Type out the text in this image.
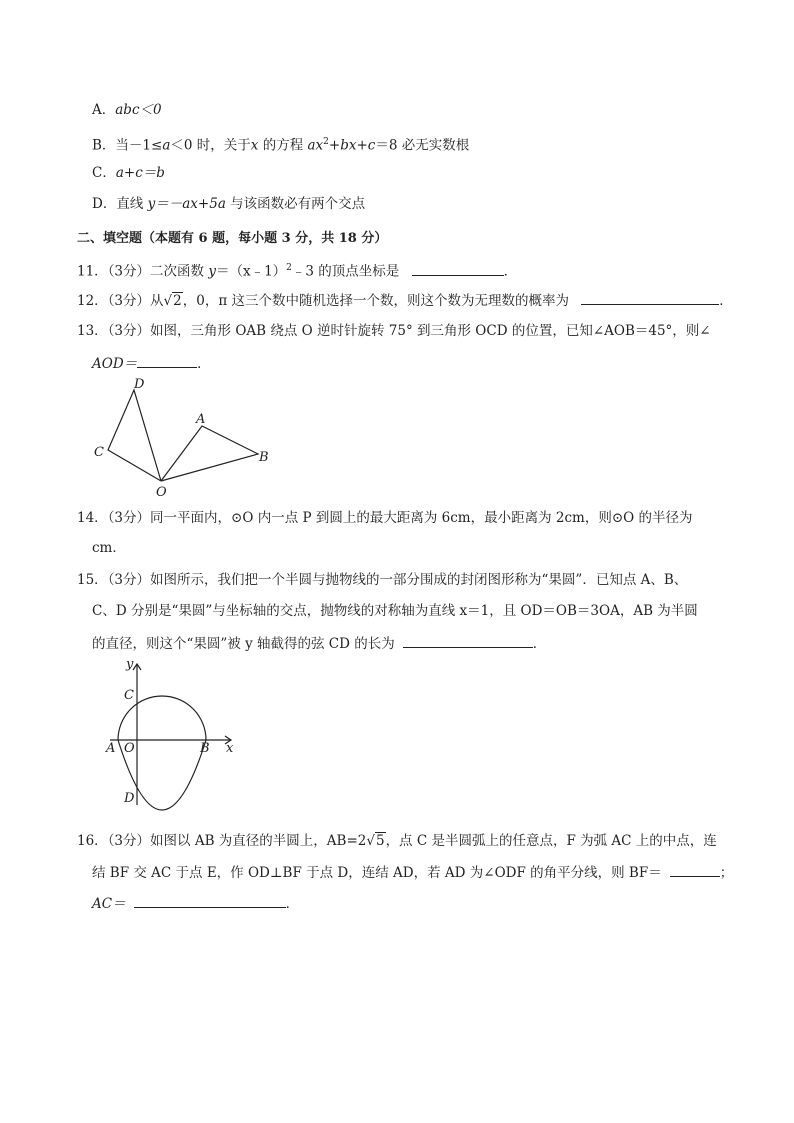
A．abc＜0
B．当－1≤a＜0 时，关于x 的方程 $ax^2+bx+c=8$ 必无实数根
C．a+c＝b
D．直线 y＝－ax+5a 与该函数必有两个交点
二、填空题（本题有 6 题，每小题 3 分，共 18 分）
11．（3分）二次函数 y＝（x﹣1）$^2$﹣3 的顶点坐标是	．
12．（3分）从√2，0，π 这三个数中随机选择一个数，则这个数为无理数的概率为	．
13．（3分）如图，三角形 OAB 绕点 O 逆时针旋转 75° 到三角形 OCD 的位置，已知∠AOB＝45°，则∠
AOD＝	．
D
C
A
B
O
14．（3分）同一平面内，⊙O 内一点 P 到圆上的最大距离为 6cm，最小距离为 2cm，则⊙O 的半径为
cm．
15．（3分）如图所示，我们把一个半圆与抛物线的一部分围成的封闭图形称为“果圆”．已知点 A、B、
C、D 分别是“果圆”与坐标轴的交点，抛物线的对称轴为直线 x＝1，且 OD＝OB＝3OA，AB 为半圆
的直径，则这个“果圆”被 y 轴截得的弦 CD 的长为	．
y
x
C
A O	B
D
16．（3分）如图以 AB 为直径的半圆上，AB=2√5，点 C 是半圆弧上的任意点，F 为弧 AC 上的中点，连
结 BF 交 AC 于点 E，作 OD⊥BF 于点 D，连结 AD，若 AD 为∠ODF 的角平分线，则 BF＝	；
AC＝	．
